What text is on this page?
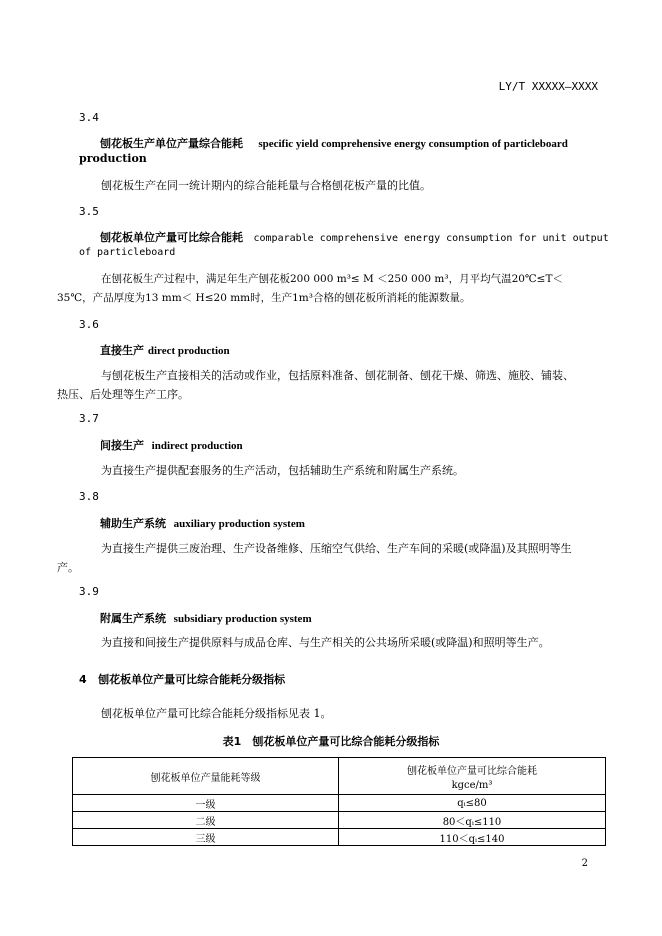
LY/T XXXXX—XXXX
3.4
刨花板生产单位产量综合能耗 specific yield comprehensive energy consumption of particleboard
production
刨花板生产在同一统计期内的综合能耗量与合格刨花板产量的比值。
3.5
刨花板单位产量可比综合能耗 comparable comprehensive energy consumption for unit output
of particleboard
在刨花板生产过程中，满足年生产刨花板200 000 m³≤ M ＜250 000 m³，月平均气温20℃≤T＜
35℃，产品厚度为13 mm＜ H≤20 mm时，生产1m³合格的刨花板所消耗的能源数量。
3.6
直接生产 direct production
与刨花板生产直接相关的活动或作业，包括原料准备、刨花制备、刨花干燥、筛选、施胶、铺装、
热压、后处理等生产工序。
3.7
间接生产 indirect production
为直接生产提供配套服务的生产活动，包括辅助生产系统和附属生产系统。
3.8
辅助生产系统 auxiliary production system
为直接生产提供三废治理、生产设备维修、压缩空气供给、生产车间的采暖(或降温)及其照明等生
产。
3.9
附属生产系统 subsidiary production system
为直接和间接生产提供原料与成品仓库、与生产相关的公共场所采暖(或降温)和照明等生产。
4 刨花板单位产量可比综合能耗分级指标
刨花板单位产量可比综合能耗分级指标见表 1。
表1　刨花板单位产量可比综合能耗分级指标
刨花板单位产量能耗等级	刨花板单位产量可比综合能耗
kgce/m³

一级	qᵢ≤80
二级	80＜qᵢ≤110
三级	110＜qᵢ≤140
2
